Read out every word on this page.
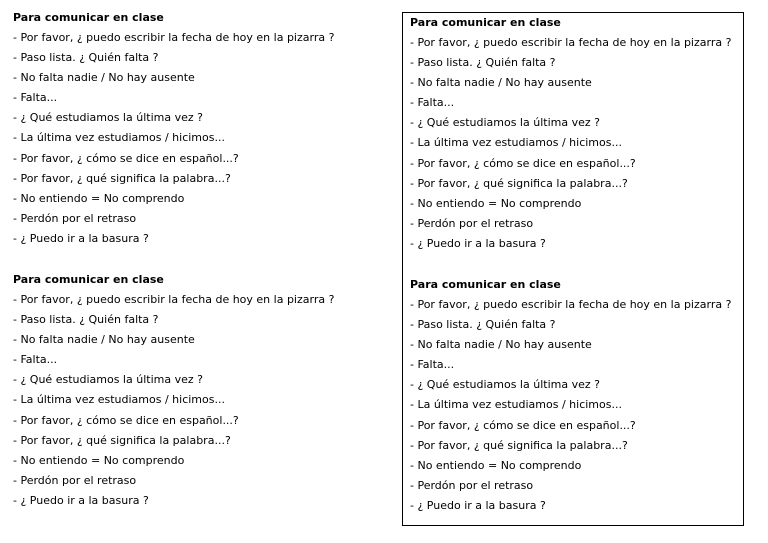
Para comunicar en clase
- Por favor, ¿ puedo escribir la fecha de hoy en la pizarra ?
- Paso lista. ¿ Quién falta ?
- No falta nadie / No hay ausente
- Falta...
- ¿ Qué estudiamos la última vez ?
- La última vez estudiamos / hicimos...
- Por favor, ¿ cómo se dice en español...?
- Por favor, ¿ qué significa la palabra...?
- No entiendo = No comprendo
- Perdón por el retraso
- ¿ Puedo ir a la basura ?
Para comunicar en clase
- Por favor, ¿ puedo escribir la fecha de hoy en la pizarra ?
- Paso lista. ¿ Quién falta ?
- No falta nadie / No hay ausente
- Falta...
- ¿ Qué estudiamos la última vez ?
- La última vez estudiamos / hicimos...
- Por favor, ¿ cómo se dice en español...?
- Por favor, ¿ qué significa la palabra...?
- No entiendo = No comprendo
- Perdón por el retraso
- ¿ Puedo ir a la basura ?
Para comunicar en clase
- Por favor, ¿ puedo escribir la fecha de hoy en la pizarra ?
- Paso lista. ¿ Quién falta ?
- No falta nadie / No hay ausente
- Falta...
- ¿ Qué estudiamos la última vez ?
- La última vez estudiamos / hicimos...
- Por favor, ¿ cómo se dice en español...?
- Por favor, ¿ qué significa la palabra...?
- No entiendo = No comprendo
- Perdón por el retraso
- ¿ Puedo ir a la basura ?
Para comunicar en clase
- Por favor, ¿ puedo escribir la fecha de hoy en la pizarra ?
- Paso lista. ¿ Quién falta ?
- No falta nadie / No hay ausente
- Falta...
- ¿ Qué estudiamos la última vez ?
- La última vez estudiamos / hicimos...
- Por favor, ¿ cómo se dice en español...?
- Por favor, ¿ qué significa la palabra...?
- No entiendo = No comprendo
- Perdón por el retraso
- ¿ Puedo ir a la basura ?
